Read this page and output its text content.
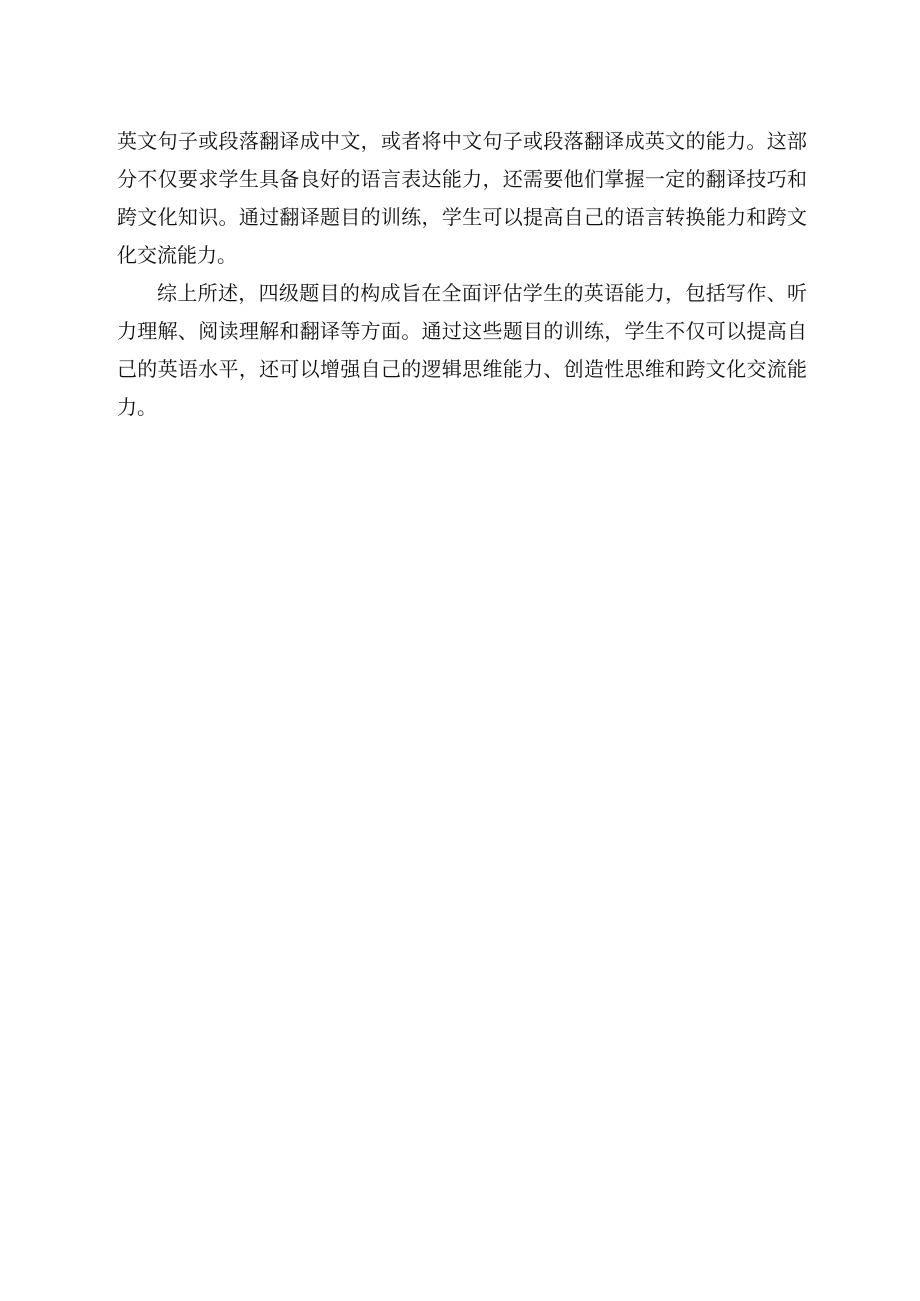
英文句子或段落翻译成中文，或者将中文句子或段落翻译成英文的能力。这部
分不仅要求学生具备良好的语言表达能力，还需要他们掌握一定的翻译技巧和
跨文化知识。通过翻译题目的训练，学生可以提高自己的语言转换能力和跨文
化交流能力。
综上所述，四级题目的构成旨在全面评估学生的英语能力，包括写作、听
力理解、阅读理解和翻译等方面。通过这些题目的训练，学生不仅可以提高自
己的英语水平，还可以增强自己的逻辑思维能力、创造性思维和跨文化交流能
力。
